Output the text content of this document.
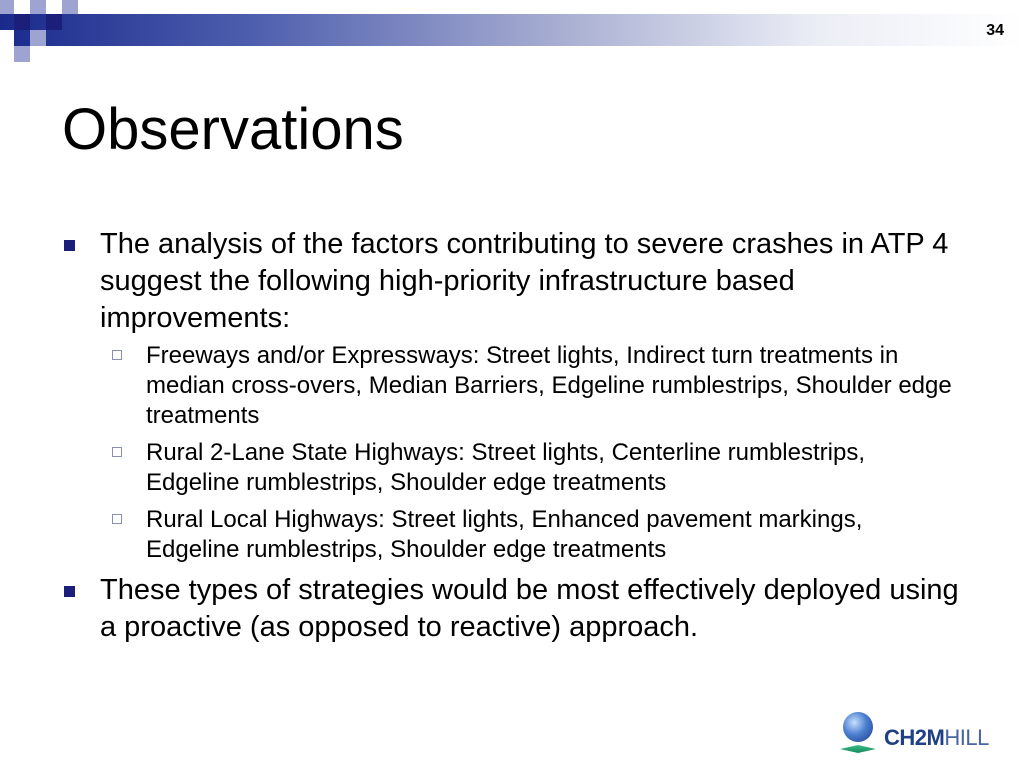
34
Observations
The analysis of the factors contributing to severe crashes in ATP 4 suggest the following high-priority infrastructure based improvements:
Freeways and/or Expressways: Street lights, Indirect turn treatments in median cross-overs, Median Barriers, Edgeline rumblestrips, Shoulder edge treatments
Rural 2-Lane State Highways: Street lights, Centerline rumblestrips, Edgeline rumblestrips, Shoulder edge treatments
Rural Local Highways: Street lights, Enhanced pavement markings, Edgeline rumblestrips, Shoulder edge treatments
These types of strategies would be most effectively deployed using a proactive (as opposed to reactive) approach.
CH2MHILL
